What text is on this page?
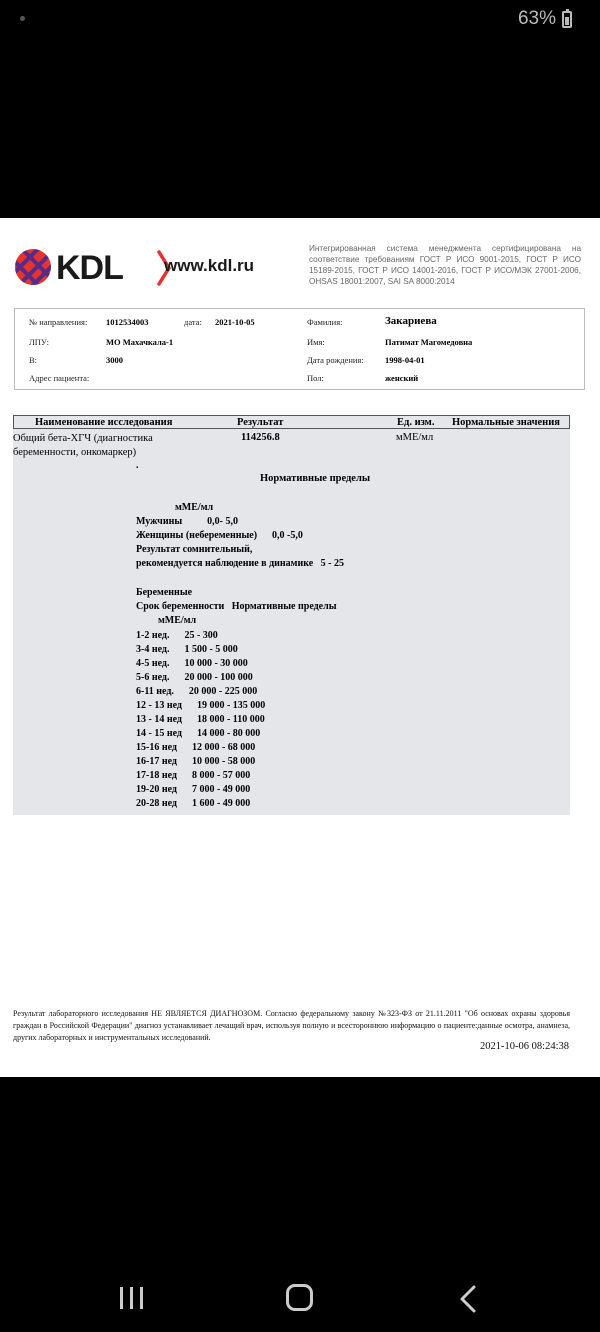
63%
KDL www.kdl.ru
Интегрированная система менеджмента сертифицирована на соответствие требованиям ГОСТ Р ИСО 9001-2015, ГОСТ Р ИСО 15189-2015, ГОСТ Р ИСО 14001-2016, ГОСТ Р ИСО/МЭК 27001-2006, OHSAS 18001:2007, SAI SA 8000:2014
№ направления: 1012534003	дата: 2021-10-05
ЛПУ:	МО Махачкала-1
В:	3000
Адрес пациента:
Фамилия:	Закариева
Имя:	Патимат Магомедовна
Дата рождения:	1998-04-01
Пол:	женский
Наименование исследования	Результат	Ед. изм. Нормальные значения
Общий бета-ХГЧ (диагностика беременности, онкомаркер)
114256.8	мМЕ/мл
.
Нормативные пределы
мМЕ/мл
Мужчины          0,0- 5,0
Женщины (небеременные)      0,0 -5,0
Результат сомнительный,
рекомендуется наблюдение в динамике   5 - 25
Беременные
Срок беременности   Нормативные пределы
мМЕ/мл
1-2 нед.      25 - 300
3-4 нед.      1 500 - 5 000
4-5 нед.      10 000 - 30 000
5-6 нед.      20 000 - 100 000
6-11 нед.      20 000 - 225 000
12 - 13 нед      19 000 - 135 000
13 - 14 нед      18 000 - 110 000
14 - 15 нед      14 000 - 80 000
15-16 нед      12 000 - 68 000
16-17 нед      10 000 - 58 000
17-18 нед      8 000 - 57 000
19-20 нед      7 000 - 49 000
20-28 нед      1 600 - 49 000
Результат лабораторного исследования НЕ ЯВЛЯЕТСЯ ДИАГНОЗОМ. Согласно федеральному закону №323-ФЗ от 21.11.2011 "Об основах охраны здоровья граждан в Российской Федерации" диагноз устанавливает лечащий врач, используя полную и всестороннюю информацию о пациенте:данные осмотра, анамнеза, других лабораторных и инструментальных исследований.
2021-10-06 08:24:38
